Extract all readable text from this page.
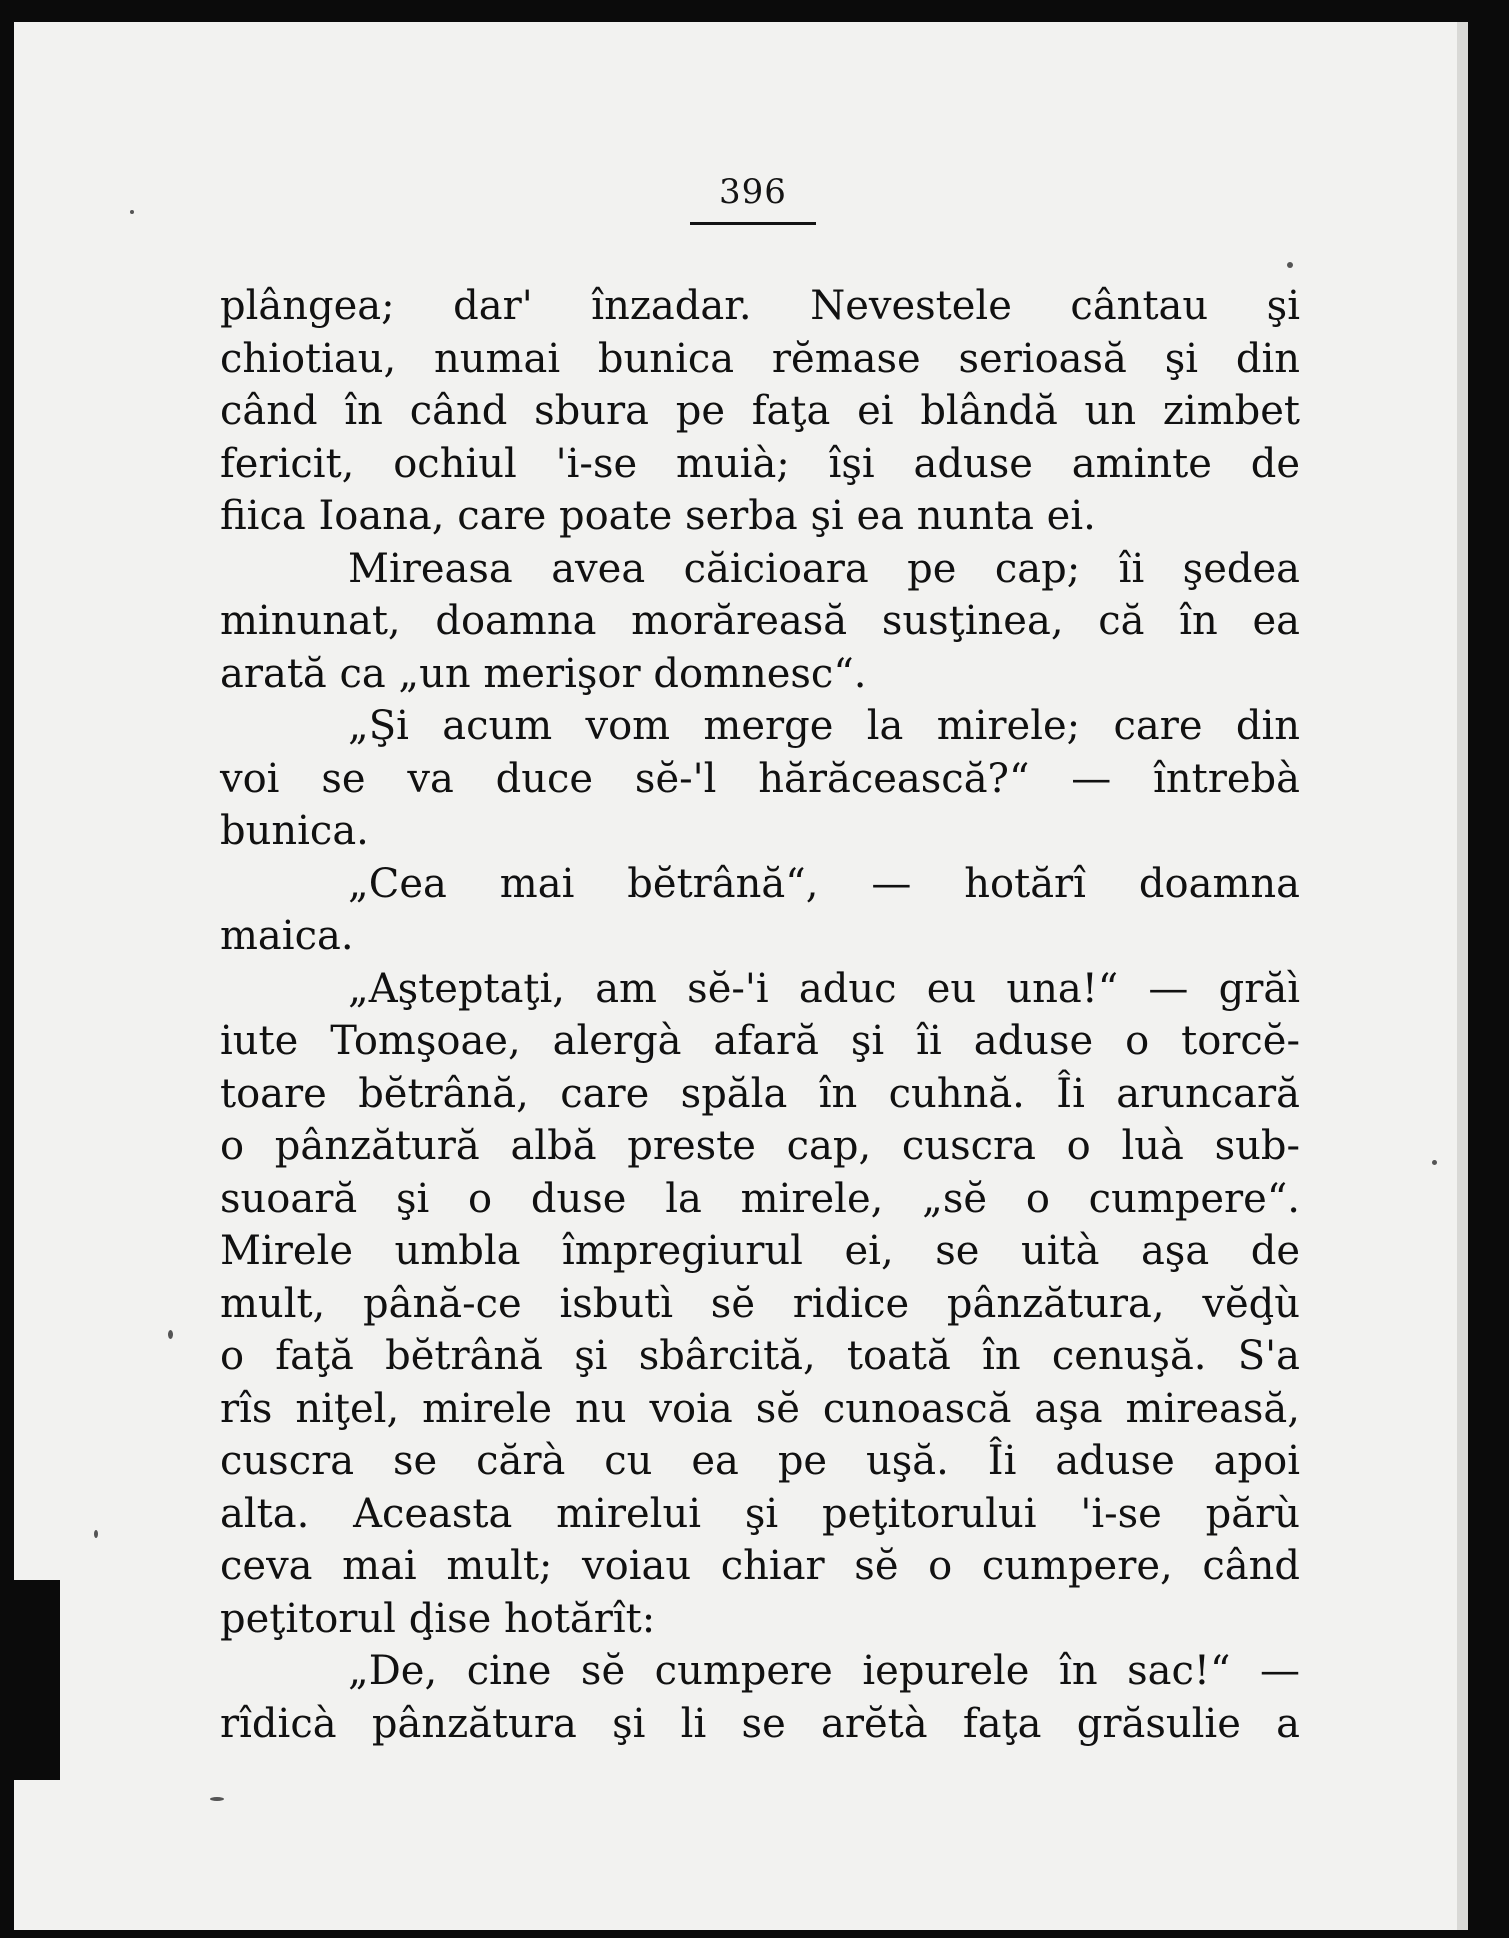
396
plângea; dar' înzadar. Nevestele cântau şi
chiotiau, numai bunica rĕmase serioasă şi din
când în când sbura pe faţa ei blândă un zimbet
fericit, ochiul 'i-se muià; îşi aduse aminte de
fiica Ioana, care poate serba şi ea nunta ei.
Mireasa avea căicioara pe cap; îi şedea
minunat, doamna morăreasă susţinea, că în ea
arată ca „un merişor domnesc“.
„Şi acum vom merge la mirele; care din
voi se va duce sĕ-'l hărăcească?“ — întrebà
bunica.
„Cea mai bĕtrână“, — hotărî doamna
maica.
„Aşteptaţi, am sĕ-'i aduc eu una!“ — grăì
iute Tomşoae, alergà afară şi îi aduse o torcĕ-
toare bĕtrână, care spăla în cuhnă. Îi aruncară
o pânzătură albă preste cap, cuscra o luà sub-
suoară şi o duse la mirele, „sĕ o cumpere“.
Mirele umbla împregiurul ei, se uità aşa de
mult, până-ce isbutì sĕ ridice pânzătura, vĕḑù
o faţă bĕtrână şi sbârcită, toată în cenuşă. S'a
rîs niţel, mirele nu voia sĕ cunoască aşa mireasă,
cuscra se cărà cu ea pe uşă. Îi aduse apoi
alta. Aceasta mirelui şi peţitorului 'i-se părù
ceva mai mult; voiau chiar sĕ o cumpere, când
peţitorul ḑise hotărît:
„De, cine sĕ cumpere iepurele în sac!“ —
rîdicà pânzătura şi li se arĕtà faţa grăsulie a
